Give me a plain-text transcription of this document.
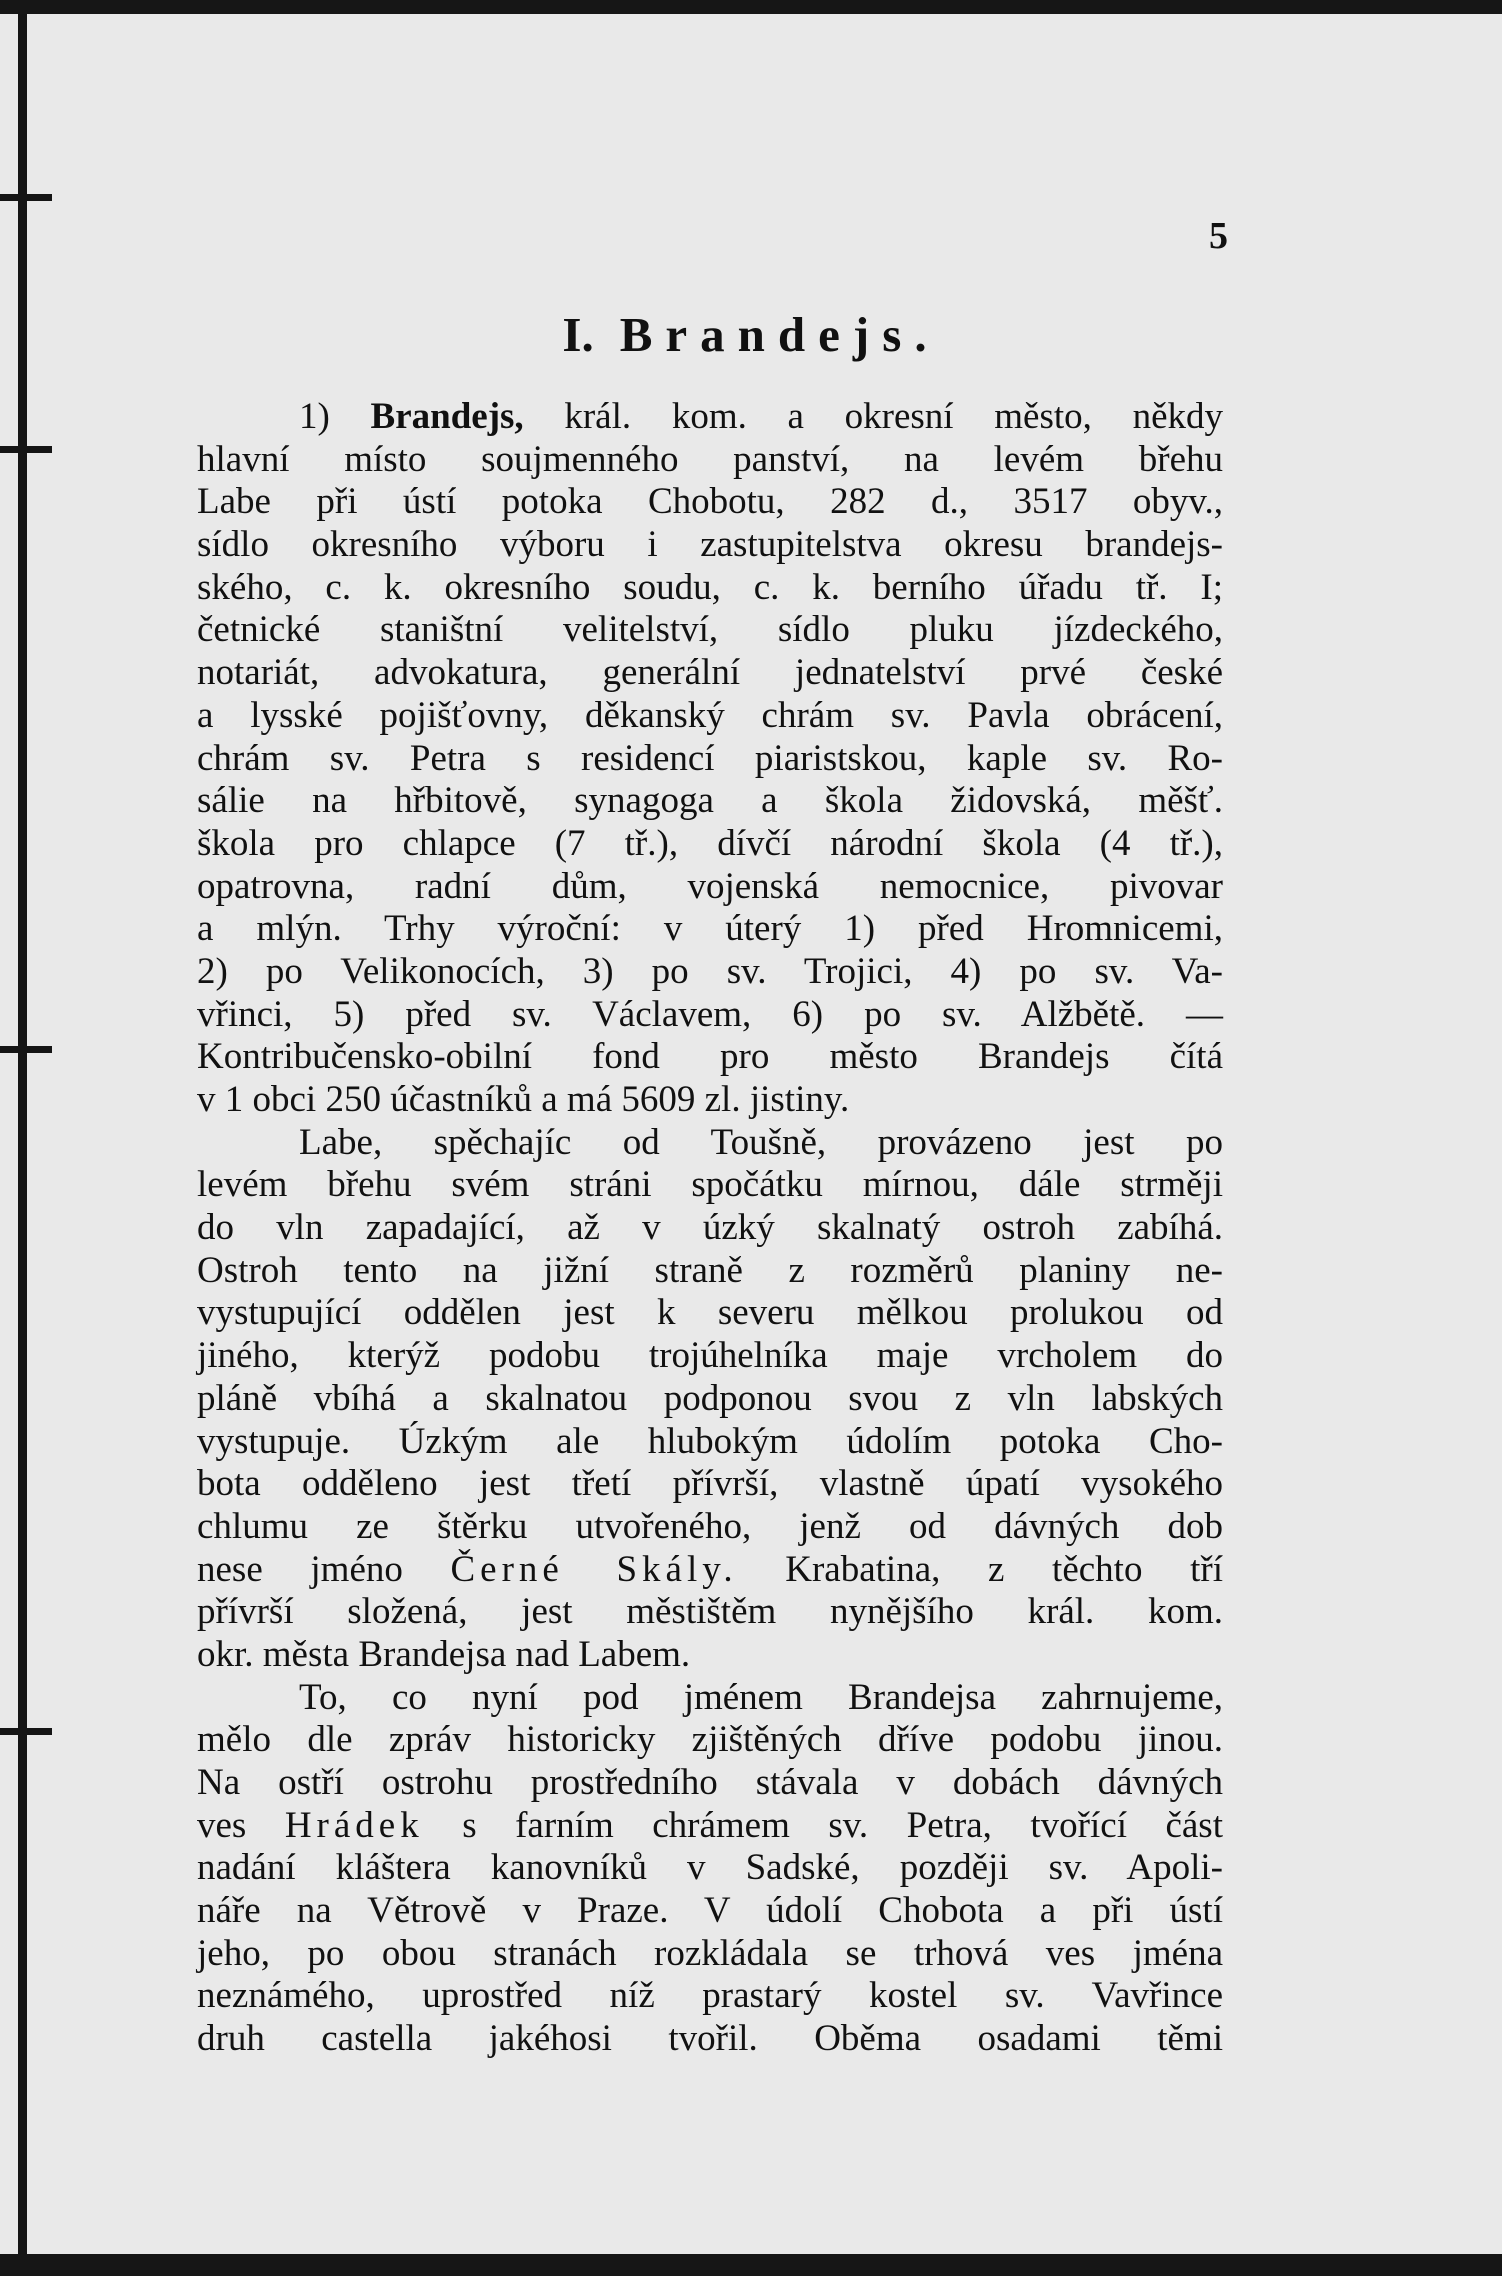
5
I. Brandejs.
1) Brandejs, král. kom. a okresní město, někdy
hlavní místo soujmenného panství, na levém břehu
Labe při ústí potoka Chobotu, 282 d., 3517 obyv.,
sídlo okresního výboru i zastupitelstva okresu brandejs-
ského, c. k. okresního soudu, c. k. berního úřadu tř. I;
četnické staništní velitelství, sídlo pluku jízdeckého,
notariát, advokatura, generální jednatelství prvé české
a lysské pojišťovny, děkanský chrám sv. Pavla obrácení,
chrám sv. Petra s residencí piaristskou, kaple sv. Ro-
sálie na hřbitově, synagoga a škola židovská, měšť.
škola pro chlapce (7 tř.), dívčí národní škola (4 tř.),
opatrovna, radní dům, vojenská nemocnice, pivovar
a mlýn. Trhy výroční: v úterý 1) před Hromnicemi,
2) po Velikonocích, 3) po sv. Trojici, 4) po sv. Va-
vřinci, 5) před sv. Václavem, 6) po sv. Alžbětě. —
Kontribučensko-obilní fond pro město Brandejs čítá
v 1 obci 250 účastníků a má 5609 zl. jistiny.
Labe, spěchajíc od Toušně, provázeno jest po
levém břehu svém stráni spočátku mírnou, dále strměji
do vln zapadající, až v úzký skalnatý ostroh zabíhá.
Ostroh tento na jižní straně z rozměrů planiny ne-
vystupující oddělen jest k severu mělkou prolukou od
jiného, kterýž podobu trojúhelníka maje vrcholem do
pláně vbíhá a skalnatou podponou svou z vln labských
vystupuje. Úzkým ale hlubokým údolím potoka Cho-
bota odděleno jest třetí přívrší, vlastně úpatí vysokého
chlumu ze štěrku utvořeného, jenž od dávných dob
nese jméno Černé Skály. Krabatina, z těchto tří
přívrší složená, jest městištěm nynějšího král. kom.
okr. města Brandejsa nad Labem.
To, co nyní pod jménem Brandejsa zahrnujeme,
mělo dle zpráv historicky zjištěných dříve podobu jinou.
Na ostří ostrohu prostředního stávala v dobách dávných
ves Hrádek s farním chrámem sv. Petra, tvořící část
nadání kláštera kanovníků v Sadské, později sv. Apoli-
náře na Větrově v Praze. V údolí Chobota a při ústí
jeho, po obou stranách rozkládala se trhová ves jména
neznámého, uprostřed níž prastarý kostel sv. Vavřince
druh castella jakéhosi tvořil. Oběma osadami těmi
